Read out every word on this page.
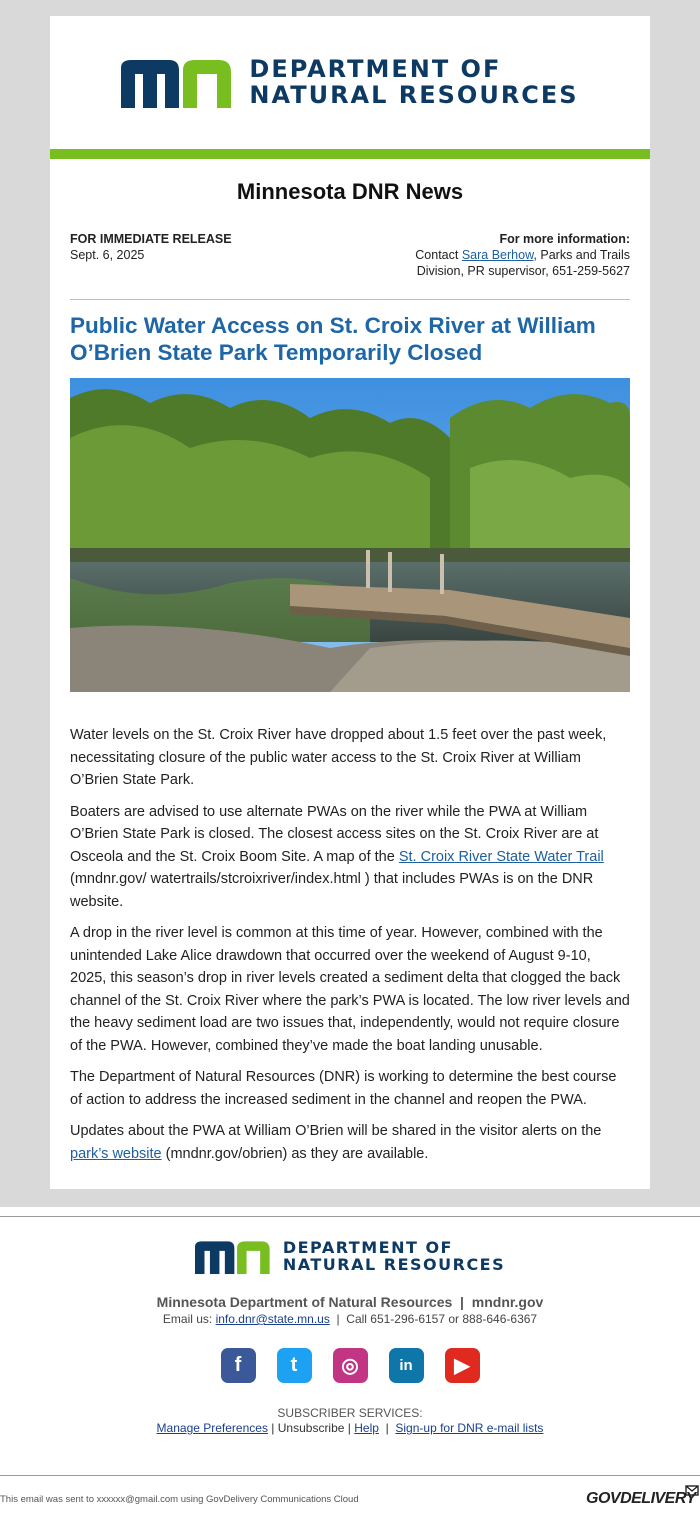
DEPARTMENT OF
NATURAL RESOURCES
Minnesota DNR News
FOR IMMEDIATE RELEASE
Sept. 6, 2025
For more information:
Contact Sara Berhow, Parks and Trails
Division, PR supervisor, 651-259-5627
Public Water Access on St. Croix River at William O’Brien State Park Temporarily Closed

Water levels on the St. Croix River have dropped about 1.5 feet over the past week, necessitating closure of the public water access to the St. Croix River at William O’Brien State Park.

Boaters are advised to use alternate PWAs on the river while the PWA at William O’Brien State Park is closed. The closest access sites on the St. Croix River are at Osceola and the St. Croix Boom Site. A map of the St. Croix River State Water Trail (mndnr.gov/ watertrails/stcroixriver/index.html ) that includes PWAs is on the DNR website.

A drop in the river level is common at this time of year. However, combined with the unintended Lake Alice drawdown that occurred over the weekend of August 9-10, 2025, this season’s drop in river levels created a sediment delta that clogged the back channel of the St. Croix River where the park’s PWA is located. The low river levels and the heavy sediment load are two issues that, independently, would not require closure of the PWA. However, combined they’ve made the boat landing unusable.

The Department of Natural Resources (DNR) is working to determine the best course of action to address the increased sediment in the channel and reopen the PWA.

Updates about the PWA at William O’Brien will be shared in the visitor alerts on the park’s website (mndnr.gov/obrien) as they are available.

DEPARTMENT OF
NATURAL RESOURCES
Minnesota Department of Natural Resources  |  mndnr.gov
Email us: info.dnr@state.mn.us  |  Call 651-296-6157 or 888-646-6367
f	t	◎	in	▶
SUBSCRIBER SERVICES:
Manage Preferences | Unsubscribe | Help  |  Sign-up for DNR e-mail lists
This email was sent to xxxxxx@gmail.com using GovDelivery Communications Cloud	GOVDELIVERY
